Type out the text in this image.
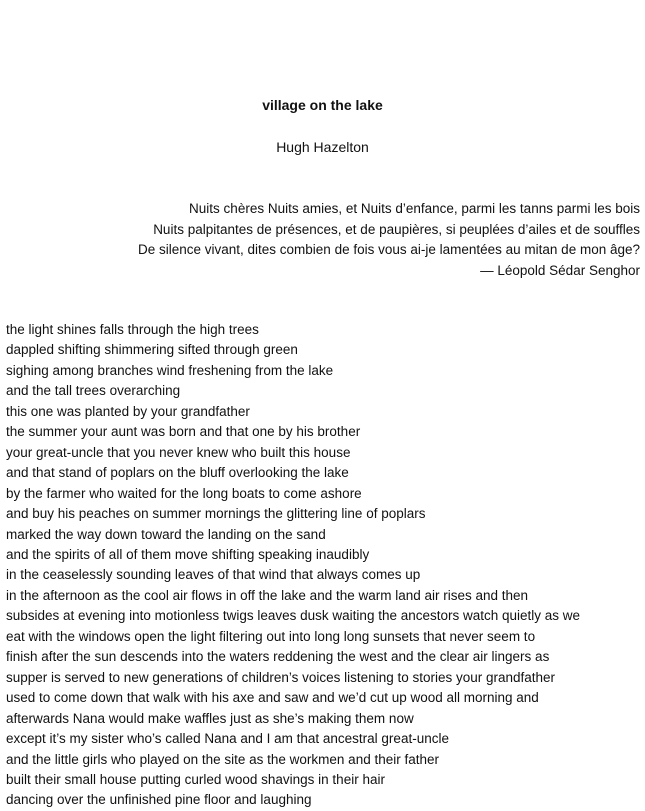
village on the lake
Hugh Hazelton
Nuits chères Nuits amies, et Nuits d’enfance, parmi les tanns parmi les bois
Nuits palpitantes de présences, et de paupières, si peuplées d’ailes et de souffles
De silence vivant, dites combien de fois vous ai-je lamentées au mitan de mon âge?
— Léopold Sédar Senghor
the light shines falls through the high trees
dappled shifting shimmering sifted through green
sighing among branches wind freshening from the lake
and the tall trees overarching
this one was planted by your grandfather
the summer your aunt was born and that one by his brother
your great-uncle that you never knew who built this house
and that stand of poplars on the bluff overlooking the lake
by the farmer who waited for the long boats to come ashore
and buy his peaches on summer mornings the glittering line of poplars
marked the way down toward the landing on the sand
and the spirits of all of them move shifting speaking inaudibly
in the ceaselessly sounding leaves of that wind that always comes up
in the afternoon as the cool air flows in off the lake and the warm land air rises and then
subsides at evening into motionless twigs leaves dusk waiting the ancestors watch quietly as we
eat with the windows open the light filtering out into long long sunsets that never seem to
finish after the sun descends into the waters reddening the west and the clear air lingers as
supper is served to new generations of children’s voices listening to stories your grandfather
used to come down that walk with his axe and saw and we’d cut up wood all morning and
afterwards Nana would make waffles just as she’s making them now
except it’s my sister who’s called Nana and I am that ancestral great-uncle
and the little girls who played on the site as the workmen and their father
built their small house putting curled wood shavings in their hair
dancing over the unfinished pine floor and laughing
